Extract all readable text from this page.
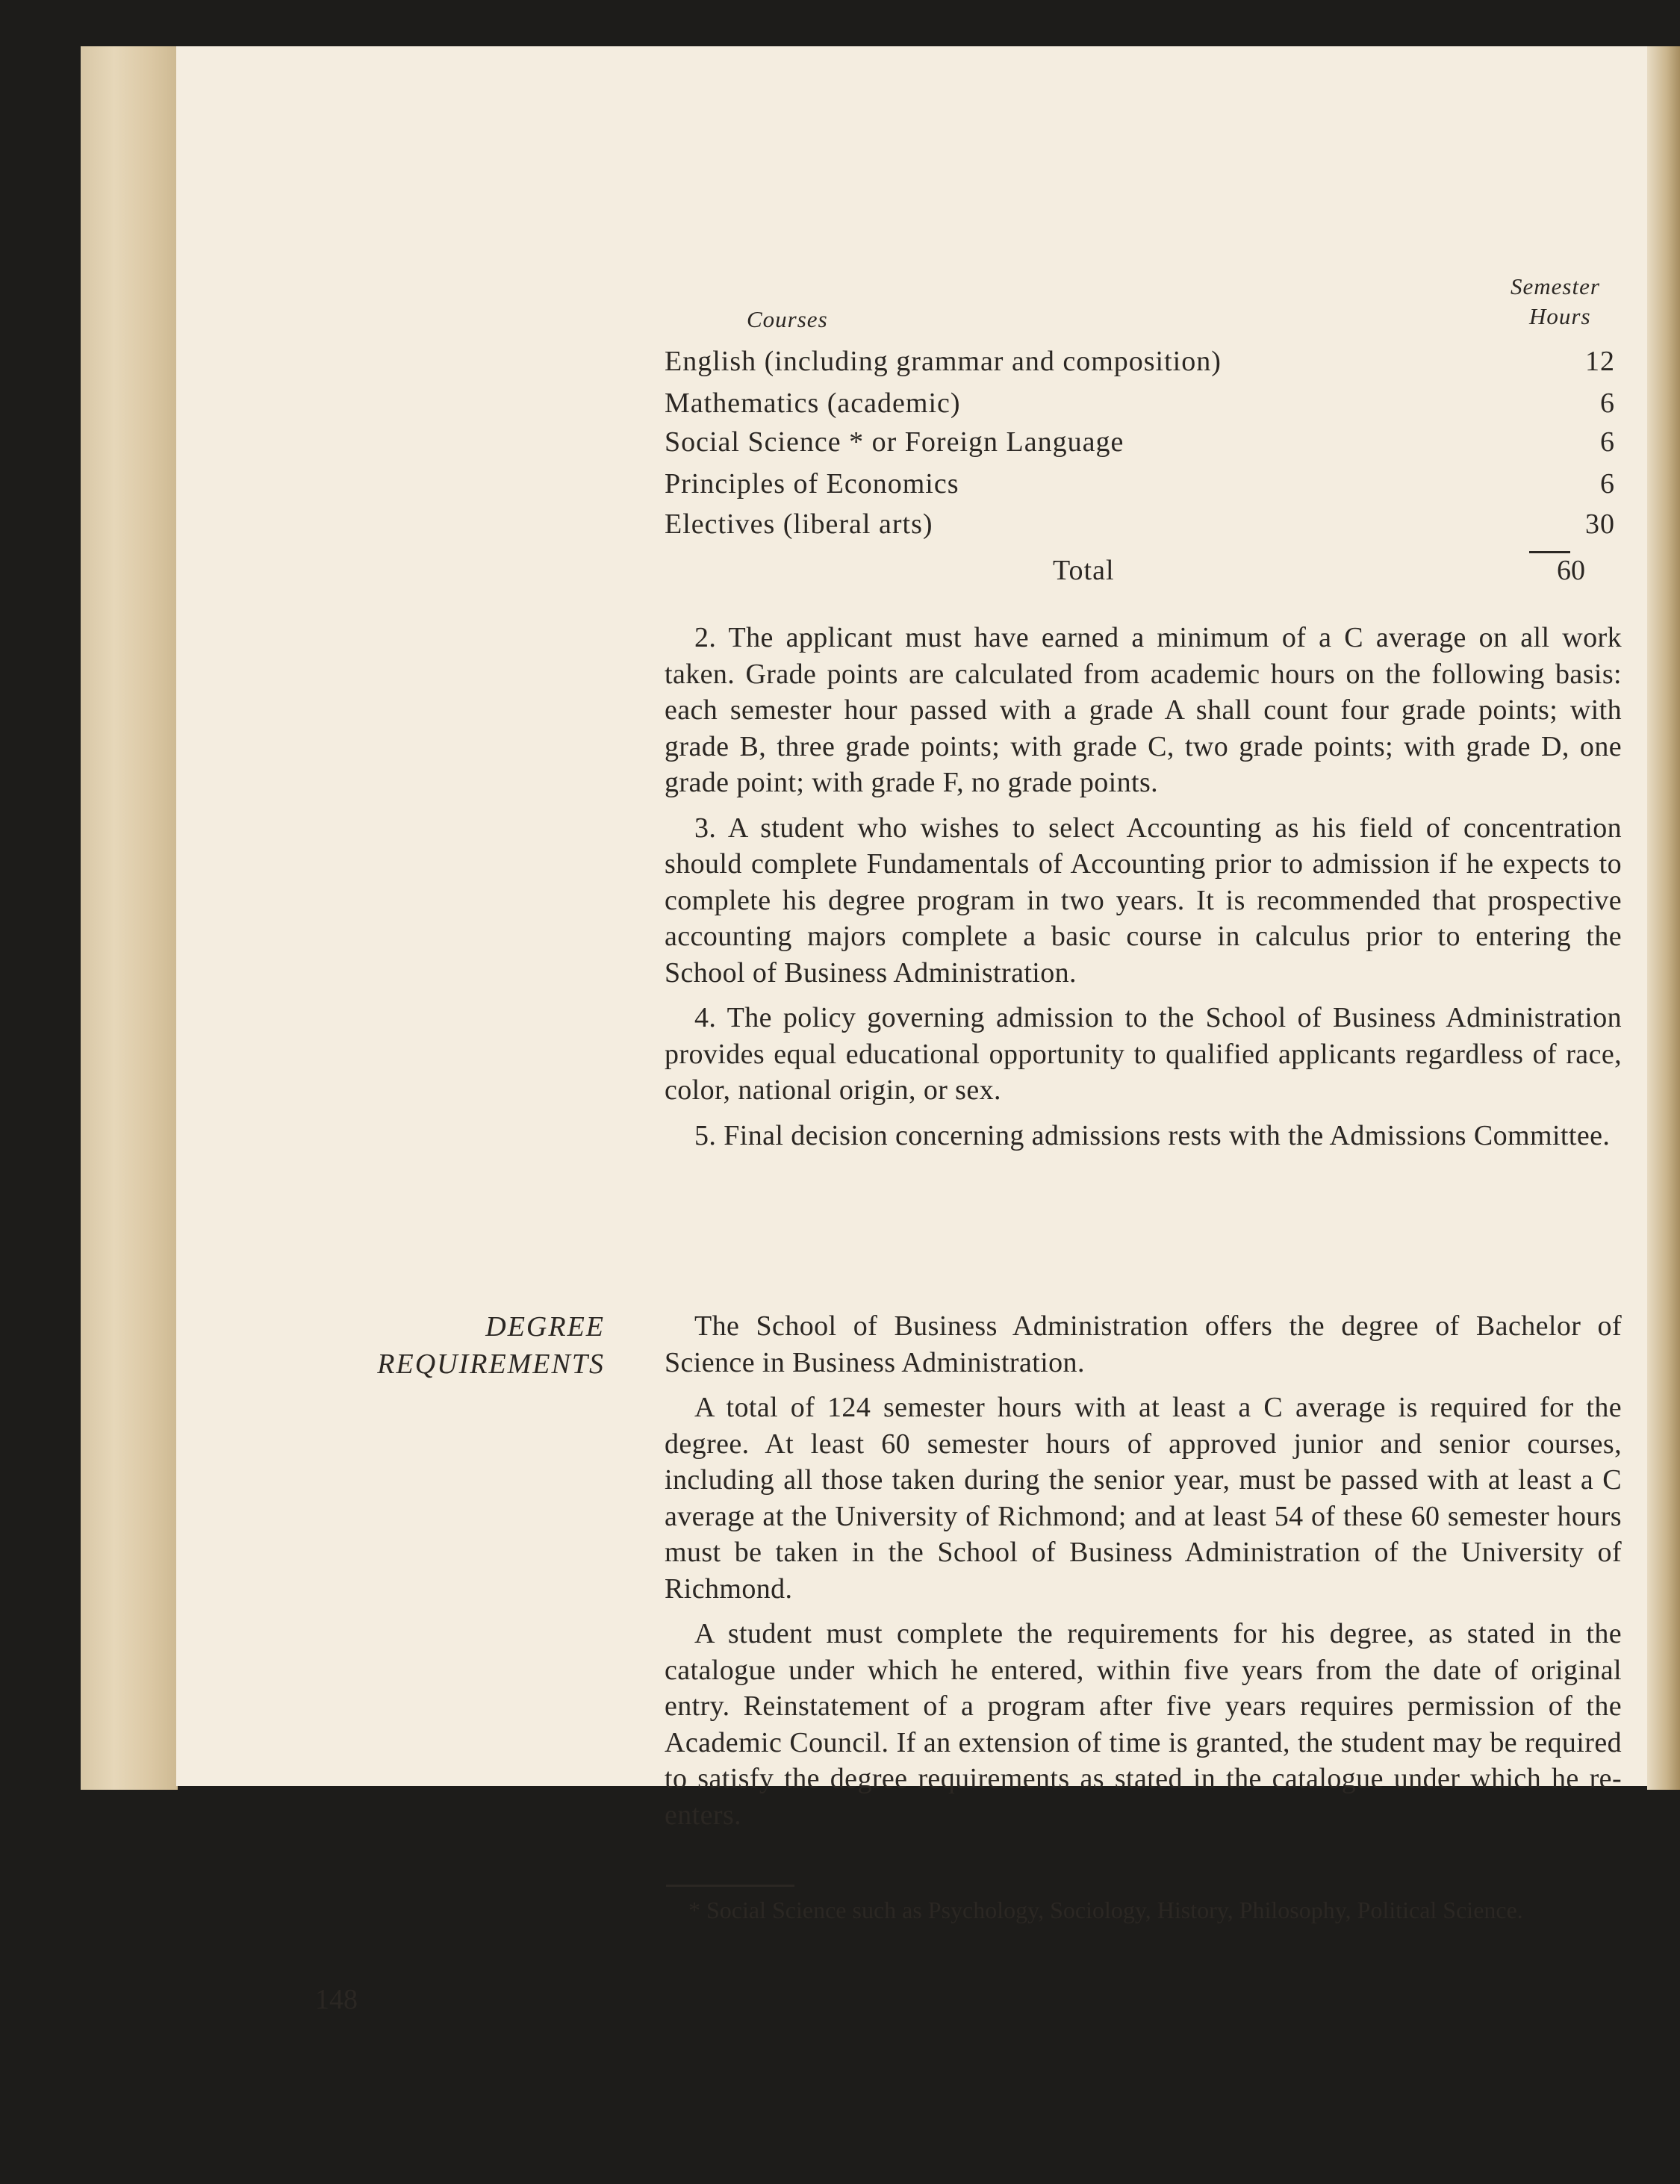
Courses
Semester
Hours
English (including grammar and composition)	12
Mathematics (academic)	6
Social Science * or Foreign Language	6
Principles of Economics	6
Electives (liberal arts)	30
Total	60

2. The applicant must have earned a minimum of a C average on all work taken. Grade points are calculated from academic hours on the following basis: each semester hour passed with a grade A shall count four grade points; with grade B, three grade points; with grade C, two grade points; with grade D, one grade point; with grade F, no grade points.

3. A student who wishes to select Accounting as his field of concentration should complete Fundamentals of Accounting prior to admission if he expects to complete his degree program in two years. It is recommended that prospective accounting majors complete a basic course in calculus prior to entering the School of Business Administration.

4. The policy governing admission to the School of Business Administration provides equal educational opportunity to qualified applicants regardless of race, color, national origin, or sex.

5. Final decision concerning admissions rests with the Admissions Committee.

DEGREE
REQUIREMENTS

The School of Business Administration offers the degree of Bachelor of Science in Business Administration.

A total of 124 semester hours with at least a C average is required for the degree. At least 60 semester hours of approved junior and senior courses, including all those taken during the senior year, must be passed with at least a C average at the University of Richmond; and at least 54 of these 60 semester hours must be taken in the School of Business Administration of the University of Richmond.

A student must complete the requirements for his degree, as stated in the catalogue under which he entered, within five years from the date of original entry. Reinstatement of a program after five years requires permission of the Academic Council. If an extension of time is granted, the student may be required to satisfy the degree requirements as stated in the catalogue under which he re-enters.

* Social Science such as Psychology, Sociology, History, Philosophy, Political Science.
148
